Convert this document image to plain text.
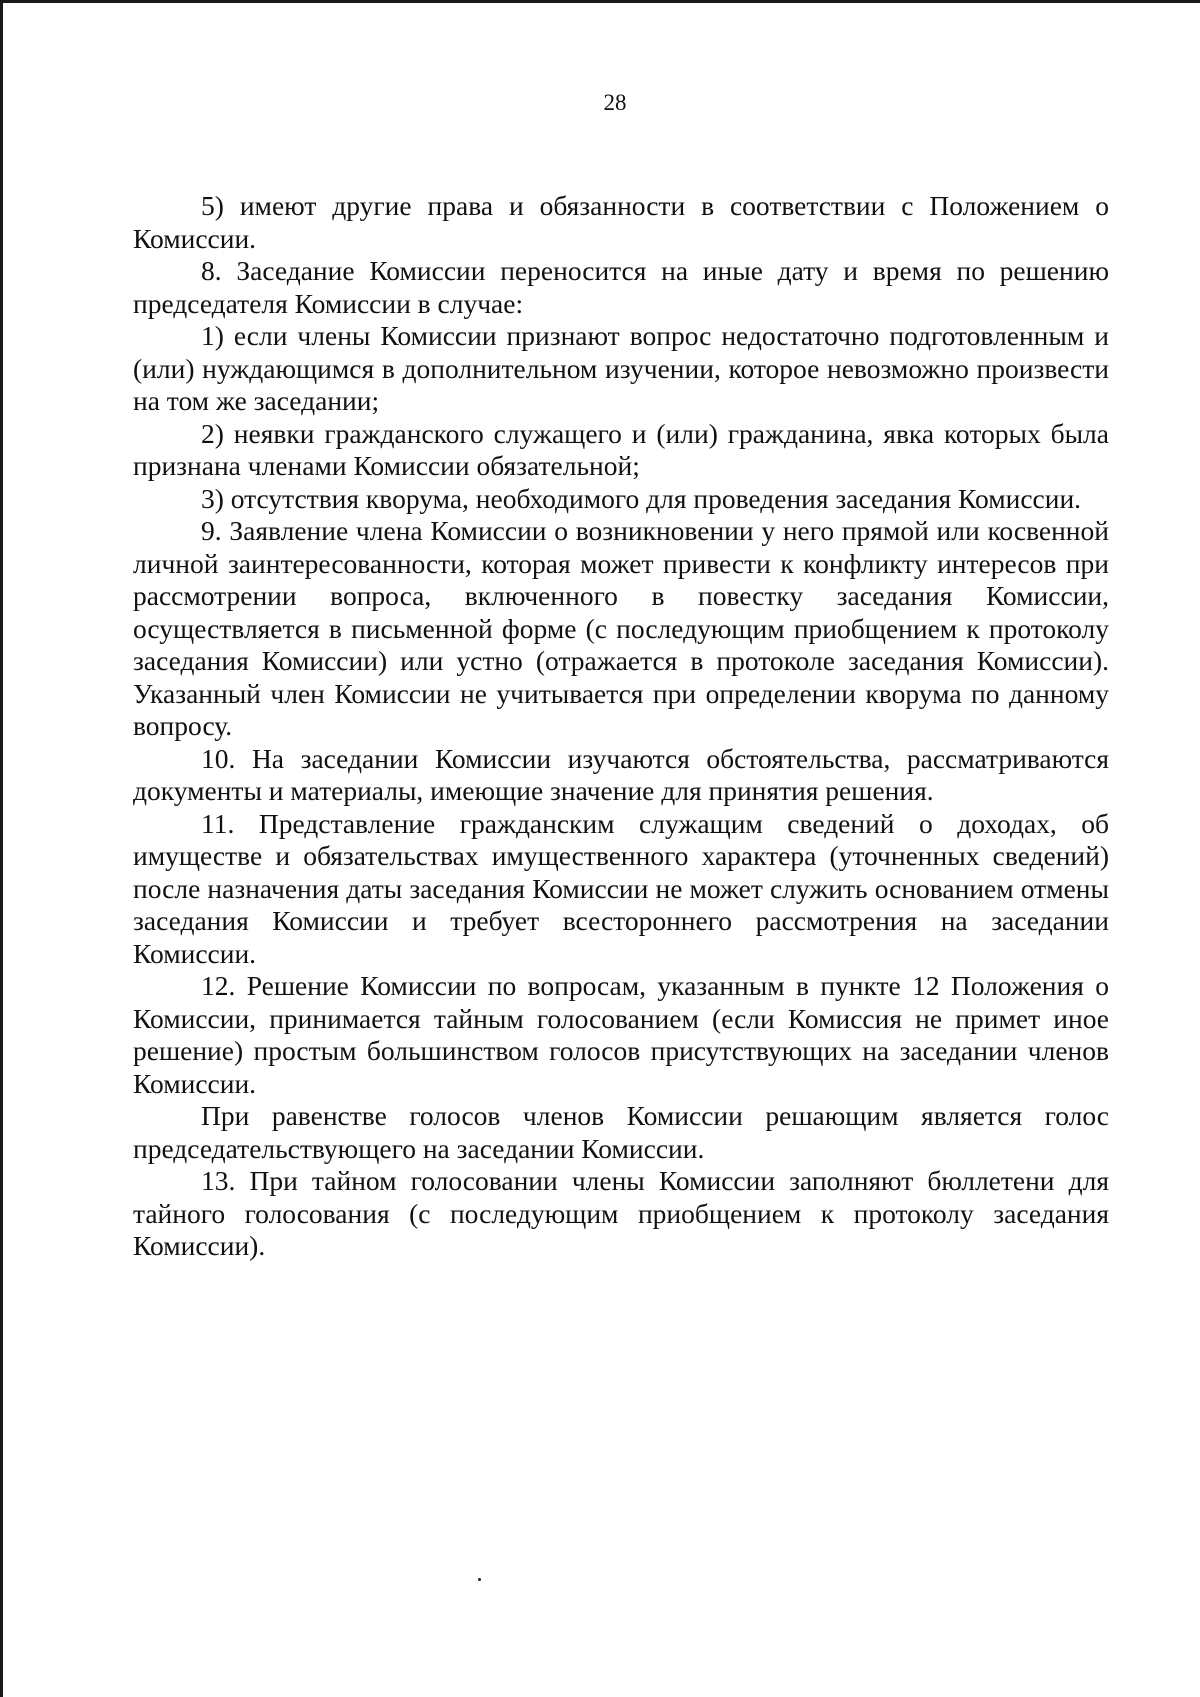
28

5) имеют другие права и обязанности в соответствии с Положением о Комиссии.

8. Заседание Комиссии переносится на иные дату и время по решению председателя Комиссии в случае:

1) если члены Комиссии признают вопрос недостаточно подготовленным и (или) нуждающимся в дополнительном изучении, которое невозможно произвести на том же заседании;

2) неявки гражданского служащего и (или) гражданина, явка которых была признана членами Комиссии обязательной;

3) отсутствия кворума, необходимого для проведения заседания Комиссии.

9. Заявление члена Комиссии о возникновении у него прямой или косвенной личной заинтересованности, которая может привести к конфликту интересов при рассмотрении вопроса, включенного в повестку заседания Комиссии, осуществляется в письменной форме (с последующим приобщением к протоколу заседания Комиссии) или устно (отражается в протоколе заседания Комиссии). Указанный член Комиссии не учитывается при определении кворума по данному вопросу.

10. На заседании Комиссии изучаются обстоятельства, рассматриваются документы и материалы, имеющие значение для принятия решения.

11. Представление гражданским служащим сведений о доходах, об имуществе и обязательствах имущественного характера (уточненных сведений) после назначения даты заседания Комиссии не может служить основанием отмены заседания Комиссии и требует всестороннего рассмотрения на заседании Комиссии.

12. Решение Комиссии по вопросам, указанным в пункте 12 Положения о Комиссии, принимается тайным голосованием (если Комиссия не примет иное решение) простым большинством голосов присутствующих на заседании членов Комиссии.

При равенстве голосов членов Комиссии решающим является голос председательствующего на заседании Комиссии.

13. При тайном голосовании члены Комиссии заполняют бюллетени для тайного голосования (с последующим приобщением к протоколу заседания Комиссии).
